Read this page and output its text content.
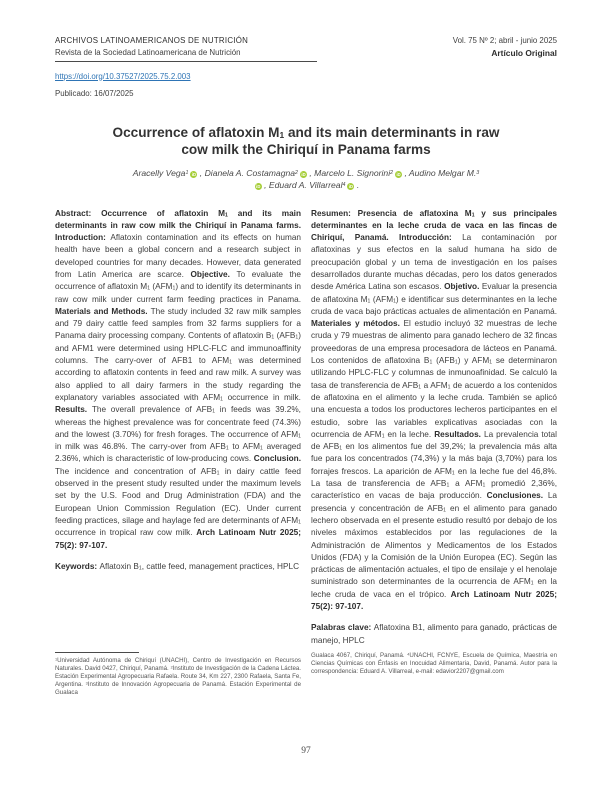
ARCHIVOS LATINOAMERICANOS DE NUTRICIÓN
Revista de la Sociedad Latinoamericana de Nutrición
https://doi.org/10.37527/2025.75.2.003
Publicado: 16/07/2025
Vol. 75 Nº 2; abril - junio 2025
Artículo Original
Occurrence of aflatoxin $M_1$ and its main determinants in raw cow milk the Chiriquí in Panama farms
Aracelly Vega$^1$ iD , Dianela A. Costamagna$^2$ iD , Marcelo L. Signorini$^2$ iD , Audino Melgar M.$^3$iD , Eduard A. Villarreal$^4$ iD .

Abstract: Occurrence of aflatoxin $M_1$ and its main determinants in raw cow milk the Chiriquí in Panama farms. Introduction: Aflatoxin contamination and its effects on human health have been a global concern and a research subject in developed countries for many decades. However, data generated from Latin America are scarce. Objective. To evaluate the occurrence of aflatoxin $M_1$ $(AFM_1)$ and to identify its determinants in raw cow milk under current farm feeding practices in Panama. Materials and Methods. The study included 32 raw milk samples and 79 dairy cattle feed samples from 32 farms suppliers for a Panama dairy processing company. Contents of aflatoxin $B_1$ $(AFB_1)$ and AFM1 were determined using HPLC-FLC and immunoaffinity columns. The carry-over of AFB1 to $AFM_1$ was determined according to aflatoxin contents in feed and raw milk. A survey was also applied to all dairy farmers in the study regarding the explanatory variables associated with $AFM_1$ occurrence in milk. Results. The overall prevalence of $AFB_1$ in feeds was 39.2%, whereas the highest prevalence was for concentrate feed (74.3%) and the lowest (3.70%) for fresh forages. The occurrence of $AFM_1$ in milk was 46.8%. The carry-over from $AFB_1$ to $AFM_1$ averaged 2.36%, which is characteristic of low-producing cows. Conclusion. The incidence and concentration of $AFB_1$ in dairy cattle feed observed in the present study resulted under the maximum levels set by the U.S. Food and Drug Administration (FDA) and the European Union Commission Regulation (EC). Under current feeding practices, silage and haylage fed are determinants of $AFM_1$ occurrence in tropical raw cow milk. Arch Latinoam Nutr 2025; 75(2): 97-107.

Keywords: Aflatoxin $B_1$, cattle feed, management practices, HPLC

Resumen: Presencia de aflatoxina $M_1$ y sus principales determinantes en la leche cruda de vaca en las fincas de Chiriquí, Panamá. Introducción: La contaminación por aflatoxinas y sus efectos en la salud humana ha sido de preocupación global y un tema de investigación en los países desarrollados durante muchas décadas, pero los datos generados desde América Latina son escasos. Objetivo. Evaluar la presencia de aflatoxina $M_1$ $(AFM_1)$ e identificar sus determinantes en la leche cruda de vaca bajo prácticas actuales de alimentación en Panamá. Materiales y métodos. El estudio incluyó 32 muestras de leche cruda y 79 muestras de alimento para ganado lechero de 32 fincas proveedoras de una empresa procesadora de lácteos en Panamá. Los contenidos de aflatoxina $B_1$ $(AFB_1)$ y $AFM_1$ se determinaron utilizando HPLC-FLC y columnas de inmunoafinidad. Se calculó la tasa de transferencia de $AFB_1$ a $AFM_1$ de acuerdo a los contenidos de aflatoxina en el alimento y la leche cruda. También se aplicó una encuesta a todos los productores lecheros participantes en el estudio, sobre las variables explicativas asociadas con la ocurrencia de $AFM_1$ en la leche. Resultados. La prevalencia total de $AFB_1$ en los alimentos fue del 39,2%; la prevalencia más alta fue para los concentrados (74,3%) y la más baja (3,70%) para los forrajes frescos. La aparición de $AFM_1$ en la leche fue del 46,8%. La tasa de transferencia de $AFB_1$ a $AFM_1$ promedió 2,36%, característico en vacas de baja producción. Conclusiones. La presencia y concentración de $AFB_1$ en el alimento para ganado lechero observada en el presente estudio resultó por debajo de los niveles máximos establecidos por las regulaciones de la Administración de Alimentos y Medicamentos de los Estados Unidos (FDA) y la Comisión de la Unión Europea (EC). Según las prácticas de alimentación actuales, el tipo de ensilaje y el henolaje suministrado son determinantes de la ocurrencia de $AFM_1$ en la leche cruda de vaca en el trópico. Arch Latinoam Nutr 2025; 75(2): 97-107.

Palabras clave: Aflatoxina B1, alimento para ganado, prácticas de manejo, HPLC

$^1$Universidad Autónoma de Chiriquí (UNACHI), Centro de Investigación en Recursos Naturales. David 0427, Chiriquí, Panamá. $^2$Instituto de Investigación de la Cadena Láctea. Estación Experimental Agropecuaria Rafaela. Route 34, Km 227, 2300 Rafaela, Santa Fe, Argentina. $^3$Instituto de Innovación Agropecuaria de Panamá. Estación Experimental de Gualaca

Gualaca 4067, Chiriquí, Panamá. $^4$UNACHI, FCNYE, Escuela de Química, Maestría en Ciencias Químicas con Énfasis en Inocuidad Alimentaria, David, Panamá. Autor para la correspondencia: Eduard A. Villarreal, e-mail: edavior2207@gmail.com

97
